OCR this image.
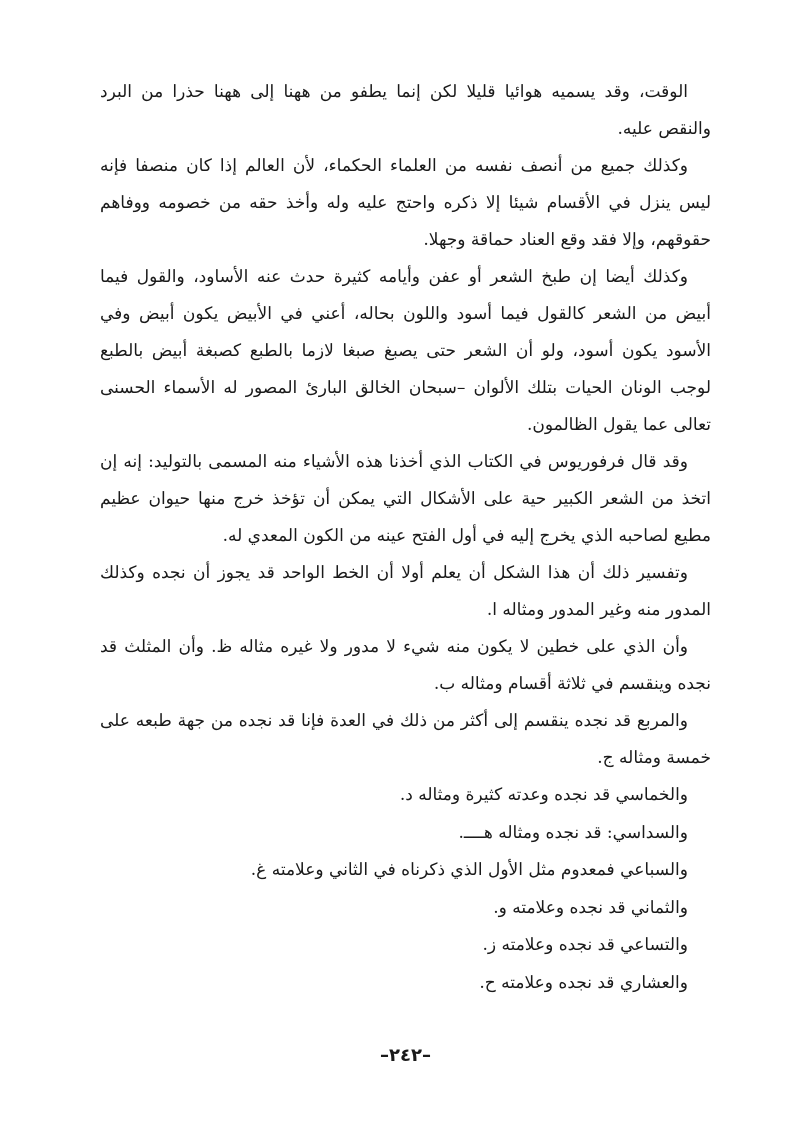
الوقت، وقد يسميه هوائيا قليلا لكن إنما يطفو من ههنا إلى ههنا حذرا من البرد والنقص عليه.

وكذلك جميع من أنصف نفسه من العلماء الحكماء، لأن العالم إذا كان منصفا فإنه ليس ينزل في الأقسام شيئا إلا ذكره واحتج عليه وله وأخذ حقه من خصومه ووفاهم حقوقهم، وإلا فقد وقع العناد حماقة وجهلا.

وكذلك أيضا إن طبخ الشعر أو عفن وأيامه كثيرة حدث عنه الأساود، والقول فيما أبيض من الشعر كالقول فيما أسود واللون بحاله، أعني في الأبيض يكون أبيض وفي الأسود يكون أسود، ولو أن الشعر حتى يصبغ صبغا لازما بالطبع كصبغة أبيض بالطبع لوجب الونان الحيات بتلك الألوان –سبحان الخالق البارئ المصور له الأسماء الحسنى تعالى عما يقول الظالمون.

وقد قال فرفوريوس في الكتاب الذي أخذنا هذه الأشياء منه المسمى بالتوليد: إنه إن اتخذ من الشعر الكبير حية على الأشكال التي يمكن أن تؤخذ خرج منها حيوان عظيم مطيع لصاحبه الذي يخرج إليه في أول الفتح عينه من الكون المعدي له.

وتفسير ذلك أن هذا الشكل أن يعلم أولا أن الخط الواحد قد يجوز أن نجده وكذلك المدور منه وغير المدور ومثاله ا.

وأن الذي على خطين لا يكون منه شيء لا مدور ولا غيره مثاله ظ. وأن المثلث قد نجده وينقسم في ثلاثة أقسام ومثاله ب.

والمربع قد نجده ينقسم إلى أكثر من ذلك في العدة فإنا قد نجده من جهة طبعه على خمسة ومثاله ج.

والخماسي قد نجده وعدته كثيرة ومثاله د.

والسداسي: قد نجده ومثاله هــــ.

والسباعي فمعدوم مثل الأول الذي ذكرناه في الثاني وعلامته غ.

والثماني قد نجده وعلامته و.

والتساعي قد نجده وعلامته ز.

والعشاري قد نجده وعلامته ح.

–٢٤٢–
